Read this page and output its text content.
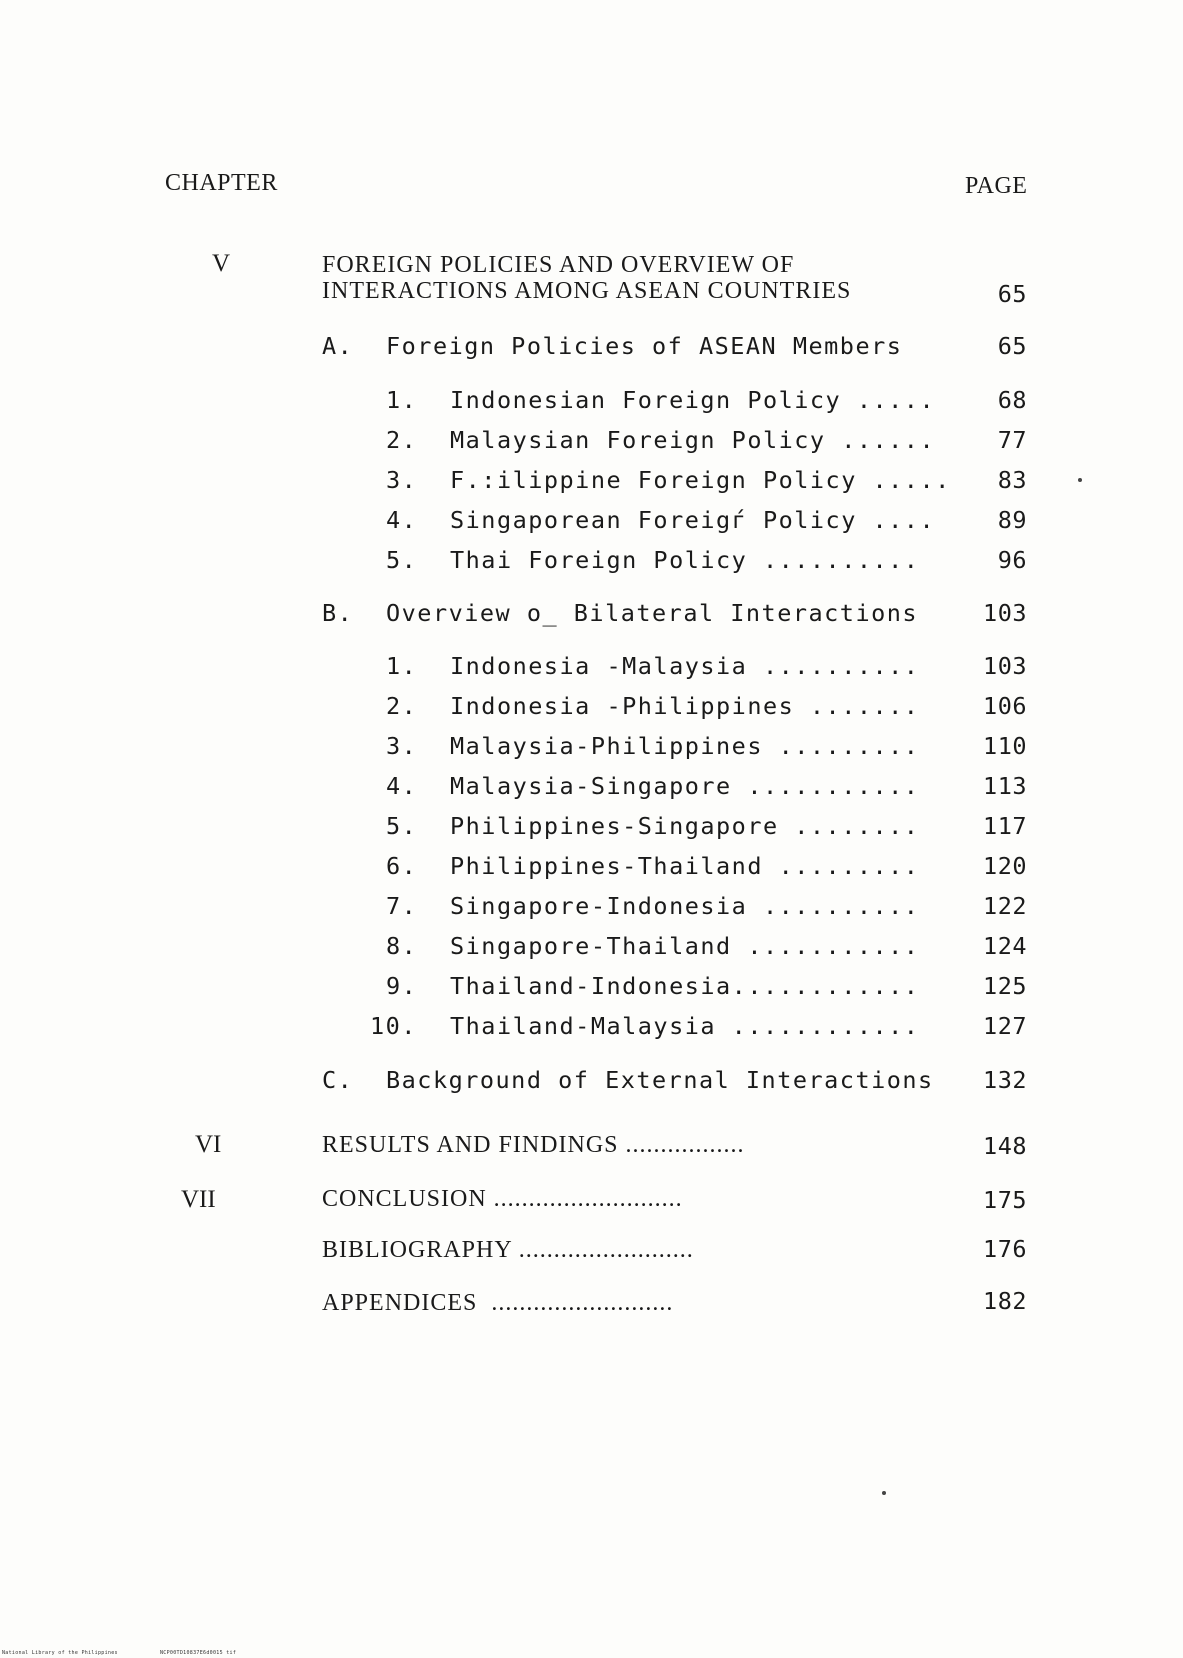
CHAPTER	PAGE
V	FOREIGN POLICIES AND OVERVIEW OF
INTERACTIONS AMONG ASEAN COUNTRIES	65
A. Foreign Policies of ASEAN Members	65
1. Indonesian Foreign Policy .....	68
2. Malaysian Foreign Policy ......	77
3. F.:ilippine Foreign Policy ..... 83
4. Singaporean Foreigѓ Policy ....	89
5. Thai Foreign Policy ..........	96
B. Overview o_ Bilateral Interactions	103
1. Indonesia -Malaysia ..........	103
2. Indonesia -Philippines .......	106
3. Malaysia-Philippines .........	110
4. Malaysia-Singapore ...........	113
5. Philippines-Singapore ........	117
6. Philippines-Thailand .........	120
7. Singapore-Indonesia ..........	122
8. Singapore-Thailand ...........	124
9. Thailand-Indonesia............	125
10. Thailand-Malaysia ............	127
C. Background of External Interactions 132
VI	RESULTS AND FINDINGS .................	148
VII	CONCLUSION ...........................	175
BIBLIOGRAPHY .........................	176
APPENDICES  ..........................	182
National Library of the Philippines	NCP00TD10837E6d0015 tif
